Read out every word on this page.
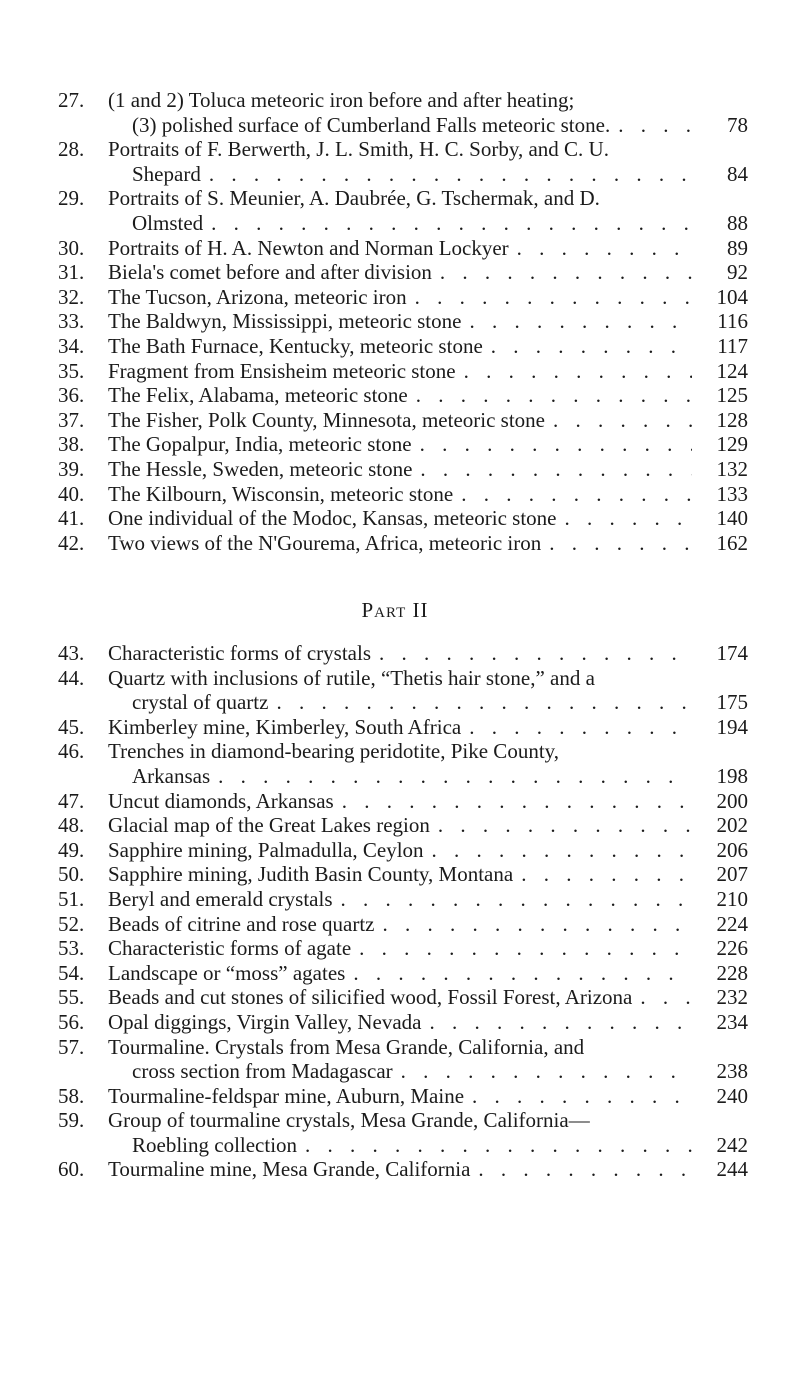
27.	(1 and 2) Toluca meteoric iron before and after heating;
(3) polished surface of Cumberland Falls meteoric stone. . . .	78
28.	Portraits of F. Berwerth, J. L. Smith, H. C. Sorby, and C. U.
Shepard . . .	84
29.	Portraits of S. Meunier, A. Daubrée, G. Tschermak, and D.
Olmsted . . .	88
30.	Portraits of H. A. Newton and Norman Lockyer . . .	89
31.	Biela's comet before and after division . . .	92
32.	The Tucson, Arizona, meteoric iron . . .	104
33.	The Baldwyn, Mississippi, meteoric stone . . .	116
34.	The Bath Furnace, Kentucky, meteoric stone . . .	117
35.	Fragment from Ensisheim meteoric stone . . .	124
36.	The Felix, Alabama, meteoric stone . . .	125
37.	The Fisher, Polk County, Minnesota, meteoric stone . . .	128
38.	The Gopalpur, India, meteoric stone . . .	129
39.	The Hessle, Sweden, meteoric stone . . .	132
40.	The Kilbourn, Wisconsin, meteoric stone . . .	133
41.	One individual of the Modoc, Kansas, meteoric stone . . .	140
42.	Two views of the N'Gourema, Africa, meteoric iron . . .	162
Part II
43.	Characteristic forms of crystals . . .	174
44.	Quartz with inclusions of rutile, “Thetis hair stone,” and a
crystal of quartz . . .	175
45.	Kimberley mine, Kimberley, South Africa . . .	194
46.	Trenches in diamond-bearing peridotite, Pike County,
Arkansas . . .	198
47.	Uncut diamonds, Arkansas . . .	200
48.	Glacial map of the Great Lakes region . . .	202
49.	Sapphire mining, Palmadulla, Ceylon . . .	206
50.	Sapphire mining, Judith Basin County, Montana . . .	207
51.	Beryl and emerald crystals . . .	210
52.	Beads of citrine and rose quartz . . .	224
53.	Characteristic forms of agate . . .	226
54.	Landscape or “moss” agates . . .	228
55.	Beads and cut stones of silicified wood, Fossil Forest, Arizona . . .	232
56.	Opal diggings, Virgin Valley, Nevada . . .	234
57.	Tourmaline. Crystals from Mesa Grande, California, and
cross section from Madagascar . . .	238
58.	Tourmaline-feldspar mine, Auburn, Maine . . .	240
59.	Group of tourmaline crystals, Mesa Grande, California—
Roebling collection . . .	242
60.	Tourmaline mine, Mesa Grande, California . . .	244
